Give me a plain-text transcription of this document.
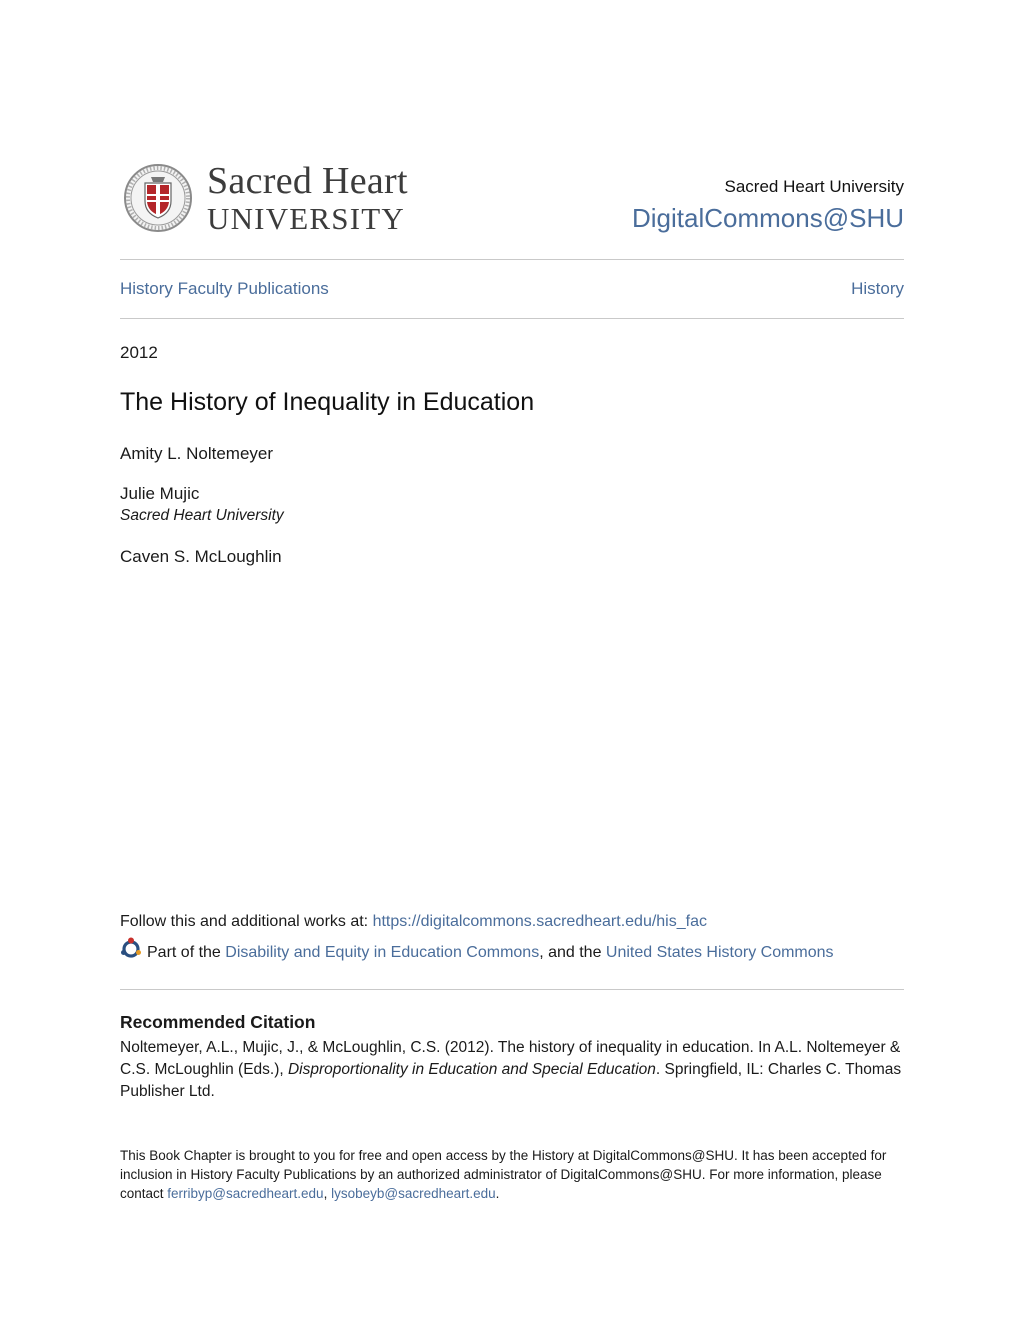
Sacred Heart
UNIVERSITY
Sacred Heart University
DigitalCommons@SHU
History Faculty Publications	History
2012
The History of Inequality in Education
Amity L. Noltemeyer
Julie Mujic
Sacred Heart University
Caven S. McLoughlin
Follow this and additional works at: https://digitalcommons.sacredheart.edu/his_fac
Part of the Disability and Equity in Education Commons, and the United States History Commons
Recommended Citation
Noltemeyer, A.L., Mujic, J., & McLoughlin, C.S. (2012). The history of inequality in education. In A.L. Noltemeyer & C.S. McLoughlin (Eds.), Disproportionality in Education and Special Education. Springfield, IL: Charles C. Thomas Publisher Ltd.
This Book Chapter is brought to you for free and open access by the History at DigitalCommons@SHU. It has been accepted for inclusion in History Faculty Publications by an authorized administrator of DigitalCommons@SHU. For more information, please contact ferribyp@sacredheart.edu, lysobeyb@sacredheart.edu.
